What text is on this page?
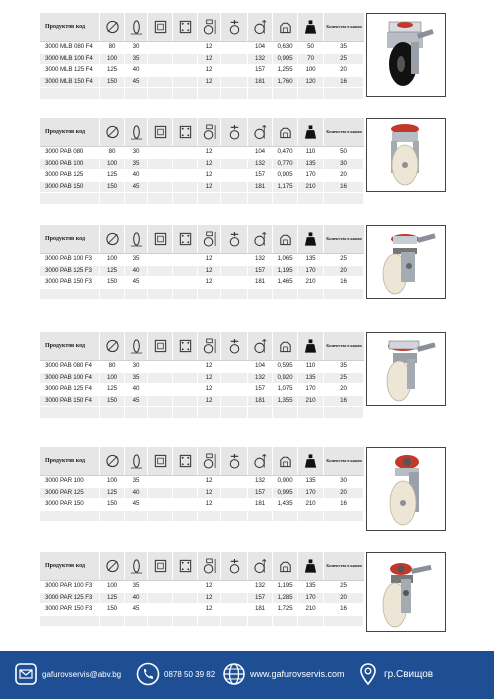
Продуктов код	Количество в кашон
3000 MLB 080 F4	80	30	12	104	0,630	50	35
3000 MLB 100 F4	100	35	12	132	0,995	70	25
3000 MLB 125 F4	125	40	12	157	1,255	100	20
3000 MLB 150 F4	150	45	12	181	1,760	120	16
Продуктов код	Количество в кашон
3000 PAB 080	80	30	12	104	0,470	110	50
3000 PAB 100	100	35	12	132	0,770	135	30
3000 PAB 125	125	40	12	157	0,905	170	20
3000 PAB 150	150	45	12	181	1,175	210	16
Продуктов код	Количество в кашон
3000 PAB 100 F3	100	35	12	132	1,065	135	25
3000 PAB 125 F3	125	40	12	157	1,195	170	20
3000 PAB 150 F3	150	45	12	181	1,465	210	16
Продуктов код	Количество в кашон
3000 PAB 080 F4	80	30	12	104	0,595	110	35
3000 PAB 100 F4	100	35	12	132	0,920	135	25
3000 PAB 125 F4	125	40	12	157	1,075	170	20
3000 PAB 150 F4	150	45	12	181	1,355	210	16
Продуктов код	Количество в кашон
3000 PAR 100	100	35	12	132	0,900	135	30
3000 PAR 125	125	40	12	157	0,995	170	20
3000 PAR 150	150	45	12	181	1,435	210	16
Продуктов код	Количество в кашон
3000 PAR 100 F3	100	35	12	132	1,195	135	25
3000 PAR 125 F3	125	40	12	157	1,285	170	20
3000 PAR 150 F3	150	45	12	181	1,725	210	16
gafurovservis@abv.bg	0878 50 39 82	www.gafurovservis.com	гр.Свищов
